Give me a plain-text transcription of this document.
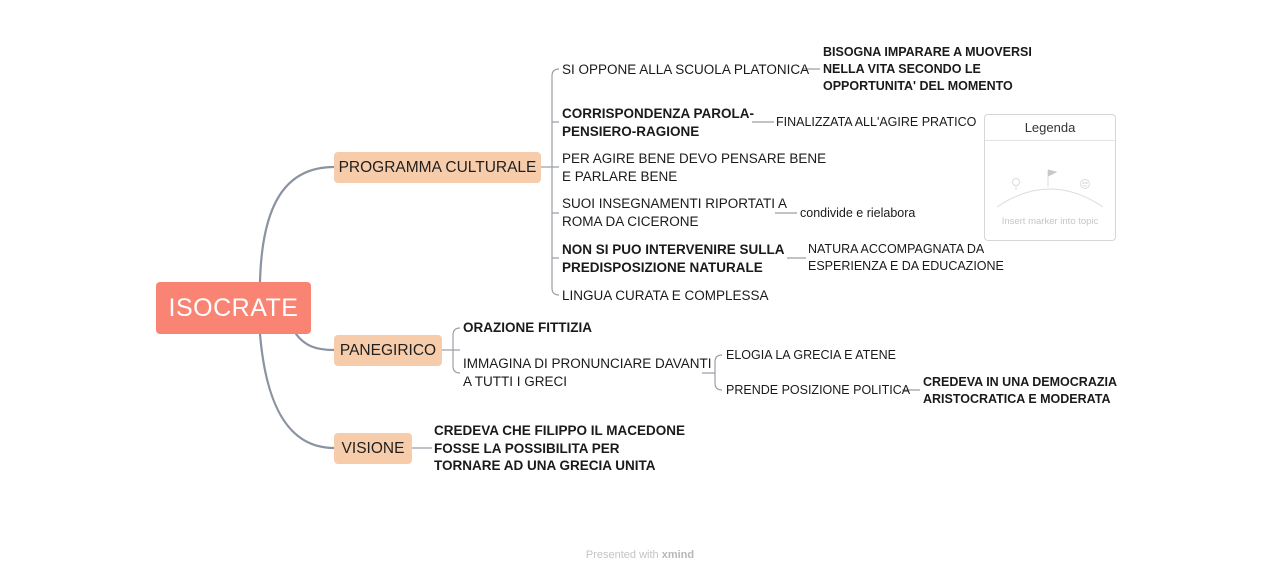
ISOCRATE
PROGRAMMA CULTURALE
PANEGIRICO
VISIONE
SI OPPONE ALLA SCUOLA PLATONICA
BISOGNA IMPARARE A MUOVERSI
NELLA VITA SECONDO LE
OPPORTUNITA' DEL MOMENTO
CORRISPONDENZA PAROLA-
PENSIERO-RAGIONE
FINALIZZATA ALL'AGIRE PRATICO
PER AGIRE BENE DEVO PENSARE BENE
E PARLARE BENE
SUOI INSEGNAMENTI RIPORTATI A
ROMA DA CICERONE
condivide e rielabora
NON SI PUO INTERVENIRE SULLA
PREDISPOSIZIONE NATURALE
NATURA ACCOMPAGNATA DA
ESPERIENZA E DA EDUCAZIONE
LINGUA CURATA E COMPLESSA
ORAZIONE FITTIZIA
IMMAGINA DI PRONUNCIARE DAVANTI
A TUTTI I GRECI
ELOGIA LA GRECIA E ATENE
PRENDE POSIZIONE POLITICA
CREDEVA IN UNA DEMOCRAZIA
ARISTOCRATICA E MODERATA
CREDEVA CHE FILIPPO IL MACEDONE
FOSSE LA POSSIBILITA PER
TORNARE AD UNA GRECIA UNITA
Legenda
Insert marker into topic
Presented with xmind
